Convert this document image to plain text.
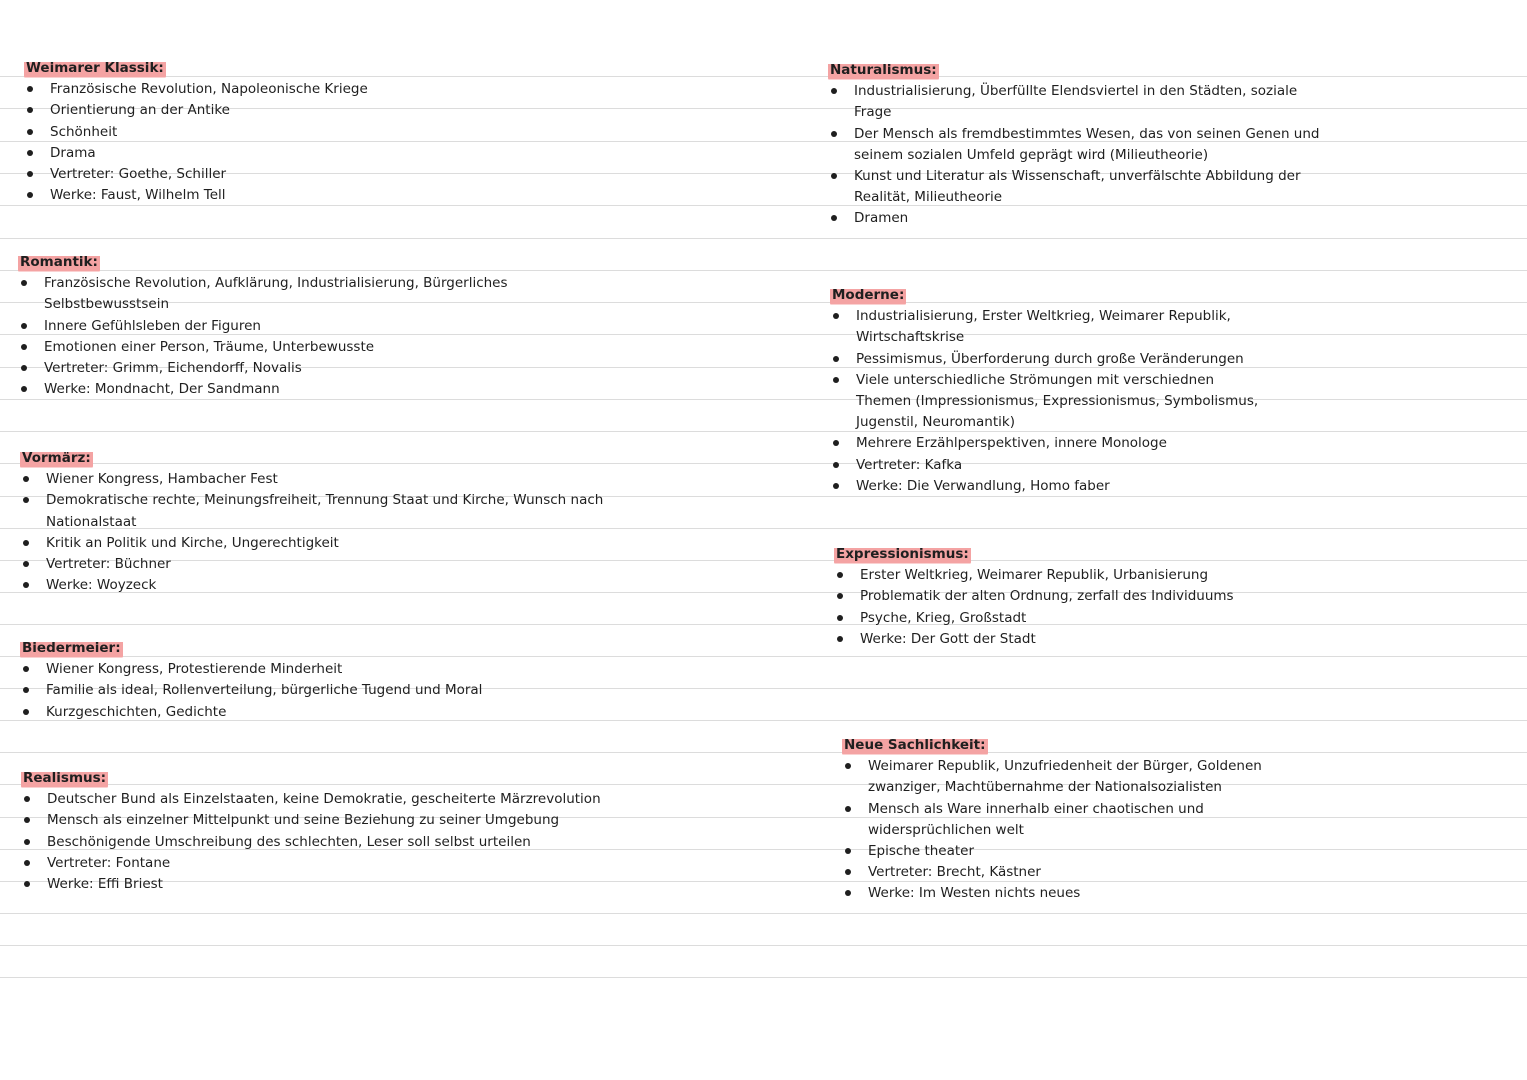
Weimarer Klassik:
Französische Revolution, Napoleonische Kriege
Orientierung an der Antike
Schönheit
Drama
Vertreter: Goethe, Schiller
Werke: Faust, Wilhelm Tell
Romantik:
Französische Revolution, Aufklärung, Industrialisierung, Bürgerliches Selbstbewusstsein
Innere Gefühlsleben der Figuren
Emotionen einer Person, Träume, Unterbewusste
Vertreter: Grimm, Eichendorff, Novalis
Werke: Mondnacht, Der Sandmann
Vormärz:
Wiener Kongress, Hambacher Fest
Demokratische rechte, Meinungsfreiheit, Trennung Staat und Kirche, Wunsch nach Nationalstaat
Kritik an Politik und Kirche, Ungerechtigkeit
Vertreter: Büchner
Werke: Woyzeck
Biedermeier:
Wiener Kongress, Protestierende Minderheit
Familie als ideal, Rollenverteilung, bürgerliche Tugend und Moral
Kurzgeschichten, Gedichte
Realismus:
Deutscher Bund als Einzelstaaten, keine Demokratie, gescheiterte Märzrevolution
Mensch als einzelner Mittelpunkt und seine Beziehung zu seiner Umgebung
Beschönigende Umschreibung des schlechten, Leser soll selbst urteilen
Vertreter: Fontane
Werke: Effi Briest
Naturalismus:
Industrialisierung, Überfüllte Elendsviertel in den Städten, soziale Frage
Der Mensch als fremdbestimmtes Wesen, das von seinen Genen und seinem sozialen Umfeld geprägt wird (Milieutheorie)
Kunst und Literatur als Wissenschaft, unverfälschte Abbildung der Realität, Milieutheorie
Dramen
Moderne:
Industrialisierung, Erster Weltkrieg, Weimarer Republik, Wirtschaftskrise
Pessimismus, Überforderung durch große Veränderungen
Viele unterschiedliche Strömungen mit verschiednen Themen (Impressionismus, Expressionismus, Symbolismus, Jugenstil, Neuromantik)
Mehrere Erzählperspektiven, innere Monologe
Vertreter: Kafka
Werke: Die Verwandlung, Homo faber
Expressionismus:
Erster Weltkrieg, Weimarer Republik, Urbanisierung
Problematik der alten Ordnung, zerfall des Individuums
Psyche, Krieg, Großstadt
Werke: Der Gott der Stadt
Neue Sachlichkeit:
Weimarer Republik, Unzufriedenheit der Bürger, Goldenen zwanziger, Machtübernahme der Nationalsozialisten
Mensch als Ware innerhalb einer chaotischen und widersprüchlichen welt
Epische theater
Vertreter: Brecht, Kästner
Werke: Im Westen nichts neues
